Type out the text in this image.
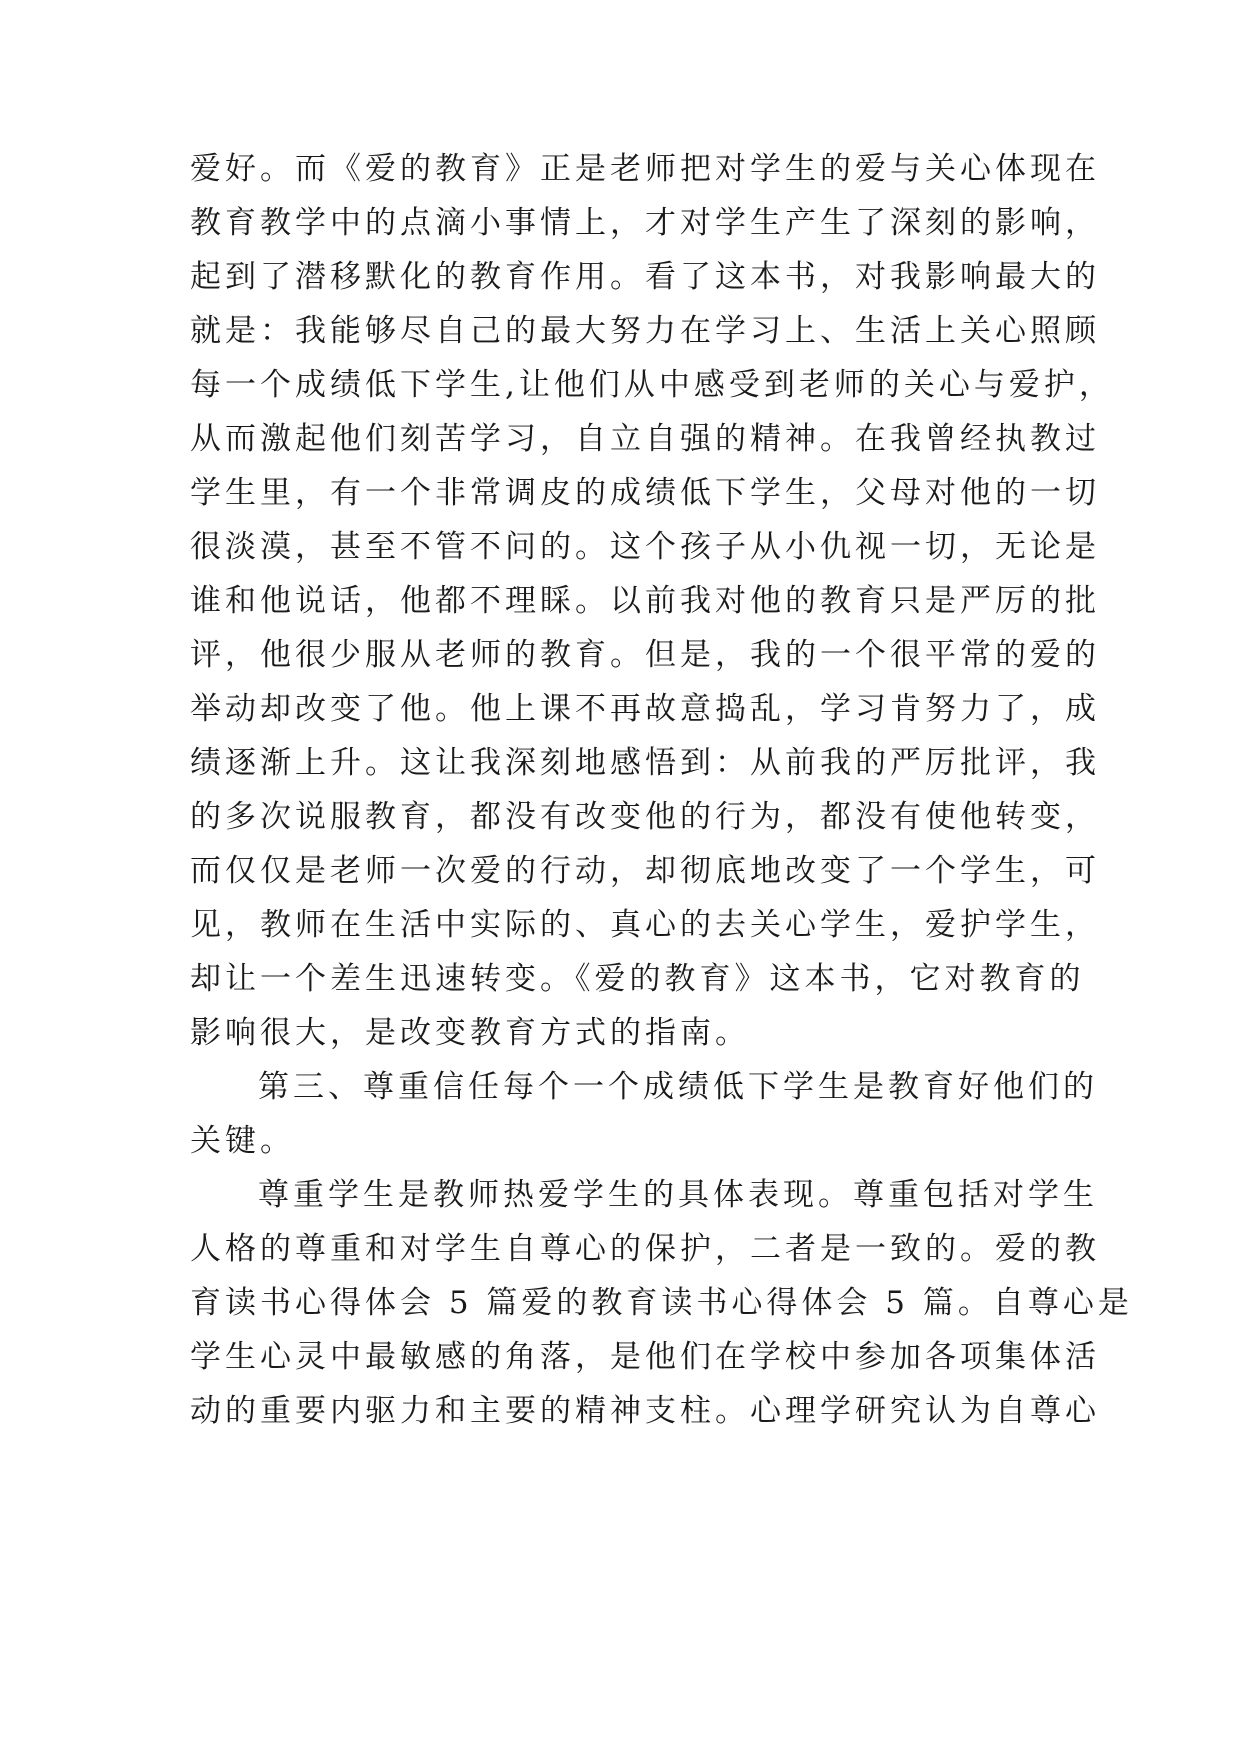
爱好。而《爱的教育》正是老师把对学生的爱与关心体现在
教育教学中的点滴小事情上，才对学生产生了深刻的影响，
起到了潜移默化的教育作用。看了这本书，对我影响最大的
就是：我能够尽自己的最大努力在学习上、生活上关心照顾
每一个成绩低下学生,让他们从中感受到老师的关心与爱护，
从而激起他们刻苦学习，自立自强的精神。在我曾经执教过
学生里，有一个非常调皮的成绩低下学生，父母对他的一切
很淡漠，甚至不管不问的。这个孩子从小仇视一切，无论是
谁和他说话，他都不理睬。以前我对他的教育只是严厉的批
评，他很少服从老师的教育。但是，我的一个很平常的爱的
举动却改变了他。他上课不再故意捣乱，学习肯努力了，成
绩逐渐上升。这让我深刻地感悟到：从前我的严厉批评，我
的多次说服教育，都没有改变他的行为，都没有使他转变，
而仅仅是老师一次爱的行动，却彻底地改变了一个学生，可
见，教师在生活中实际的、真心的去关心学生，爱护学生，
却让一个差生迅速转变。《爱的教育》这本书，它对教育的
影响很大，是改变教育方式的指南。
第三、尊重信任每个一个成绩低下学生是教育好他们的
关键。
尊重学生是教师热爱学生的具体表现。尊重包括对学生
人格的尊重和对学生自尊心的保护，二者是一致的。爱的教
育读书心得体会 5 篇爱的教育读书心得体会 5 篇。自尊心是
学生心灵中最敏感的角落，是他们在学校中参加各项集体活
动的重要内驱力和主要的精神支柱。心理学研究认为自尊心
